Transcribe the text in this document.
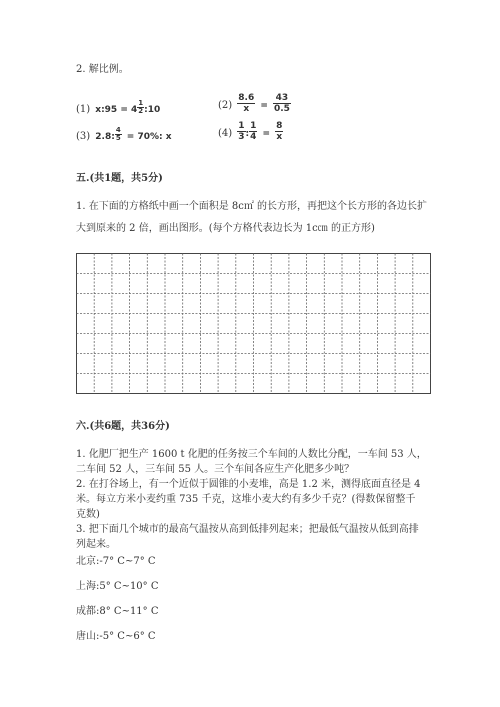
2. 解比例。
(1) x:95 = $4 \frac{1}{2}$ :10	$(2) \frac{8.6}{x} = \frac{43}{0.5}$
(3) 2.8: $\frac{4}{5} = 70\%$: x	$(4) \frac{1}{3}$ : $\frac{1}{4} = \frac{8}{x}$
五.(共1题，共5分)
1. 在下面的方格纸中画一个面积是 8c㎡ 的长方形，再把这个长方形的各边长扩
大到原来的 2 倍，画出图形。(每个方格代表边长为 1c㎝ 的正方形)
六.(共6题，共36分)
1. 化肥厂把生产 1600 t 化肥的任务按三个车间的人数比分配，一车间 53 人，
二车间 52 人，三车间 55 人。三个车间各应生产化肥多少吨？
2. 在打谷场上，有一个近似于圆锥的小麦堆，高是 1.2 米，测得底面直径是 4
米。每立方米小麦约重 735 千克，这堆小麦大约有多少千克？(得数保留整千
克数)
3. 把下面几个城市的最高气温按从高到低排列起来；把最低气温按从低到高排
列起来。
北京:-7° C~7° C
上海:5° C~10° C
成都:8° C~11° C
唐山:-5° C~6° C
